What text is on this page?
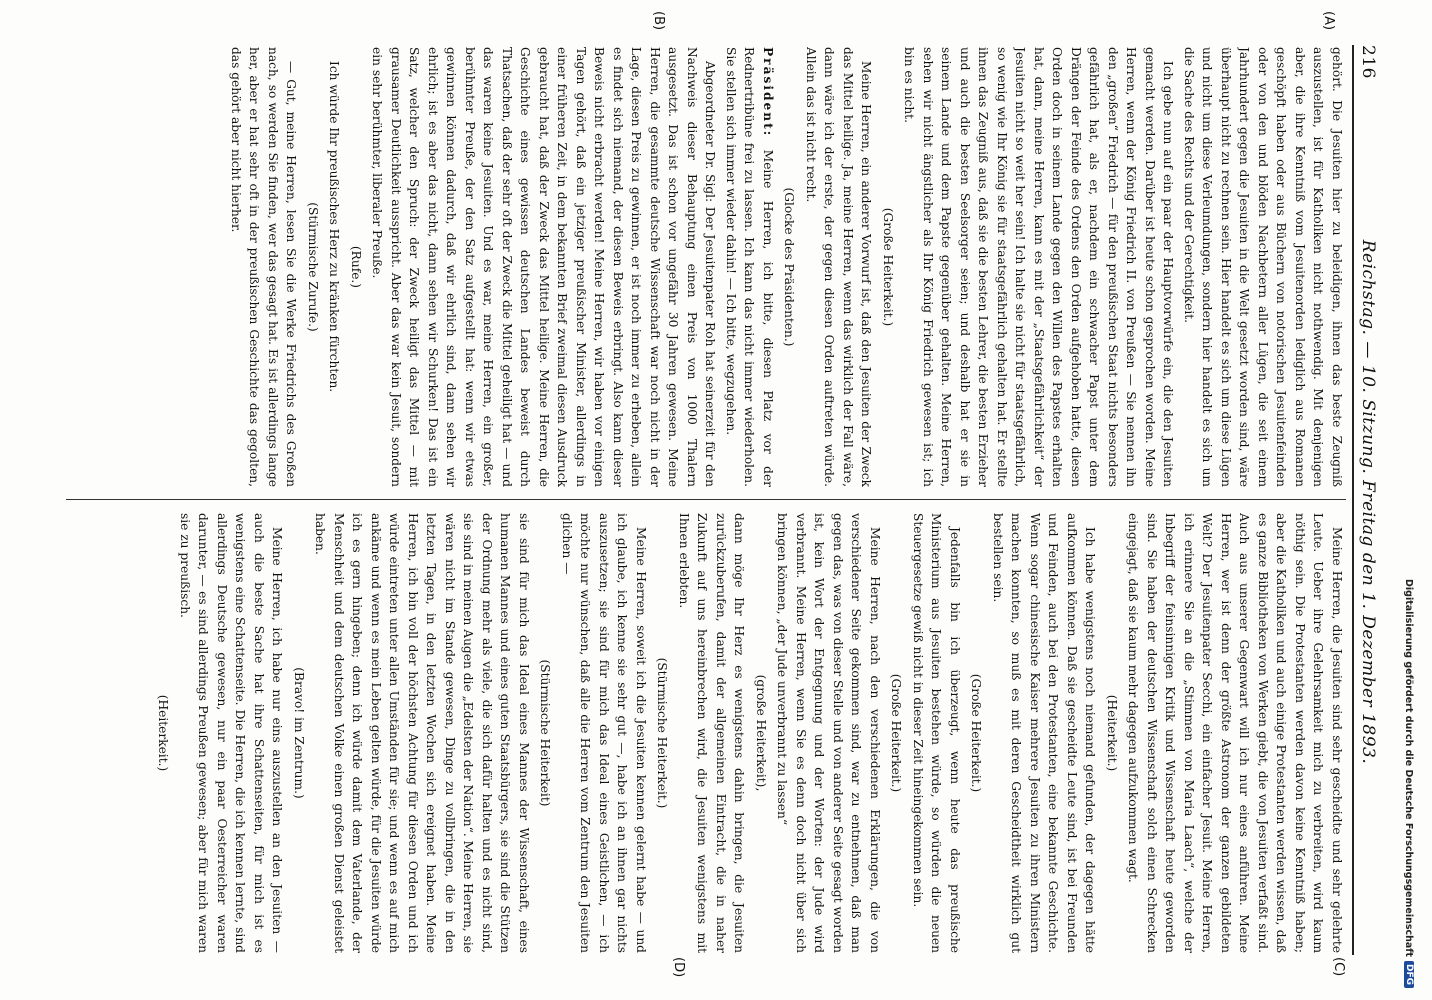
216
Reichstag. — 10. Sitzung. Freitag den 1. Dezember 1893.
(A)
(B)
(C)
(D)

gehört. Die Jesuiten hier zu beleidigen, ihnen das beste Zeugniß auszustellen, ist für Katholiken nicht nothwendig. Mit denjenigen aber, die ihre Kenntniß vom Jesuitenorden lediglich aus Romanen geschöpft haben oder aus Büchern von notorischen Jesuitenfeinden oder von den und blöden Nachbetern aller Lügen, die seit einem Jahrhundert gegen die Jesuiten in die Welt gesetzt worden sind, wäre überhaupt nicht zu rechnen sein. Hier handelt es sich um diese Lügen und nicht um diese Verleumdungen, sondern hier handelt es sich um die Sache des Rechts und der Gerechtigkeit.

Ich gebe nun auf ein paar der Hauptvorwürfe ein, die den Jesuiten gemacht werden. Darüber ist heute schon gesprochen worden. Meine Herren, wenn der König Friedrich II. von Preußen — Sie nennen ihn den „großen“ Friedrich — für den preußischen Staat nichts besonders gefährlich hat, als er, nachdem ein schwacher Papst unter dem Drängen der Feinde des Ordens den Orden aufgehoben hatte, diesen Orden doch in seinem Lande gegen den Willen des Papstes erhalten hat, dann, meine Herren, kann es mit der „Staatsgefährlichkeit“ der Jesuiten nicht so weit her sein! Ich halte sie nicht für staatsgefährlich, so wenig wie Ihr König sie für staatsgefährlich gehalten hat. Er stellte ihnen das Zeugniß aus, daß sie die besten Lehrer, die besten Erzieher und auch die besten Seelsorger seien; und deshalb hat er sie in seinem Lande und dem Papste gegenüber gehalten. Meine Herren, sehen wir nicht ängstlicher als Ihr König Friedrich gewesen ist; ich bin es nicht.

(Große Heiterkeit.)

Meine Herren, ein anderer Vorwurf ist, daß den Jesuiten der Zweck das Mittel heilige. Ja, meine Herren, wenn das wirklich der Fall wäre, dann wäre ich der erste, der gegen diesen Orden auftreten würde. Allein das ist nicht recht.

(Glocke des Präsidenten.)

Präsident: Meine Herren, ich bitte, diesen Platz vor der Rednertribüne frei zu lassen. Ich kann das nicht immer wiederholen. Sie stellen sich immer wieder dahin! — Ich bitte, wegzugehen.

Abgeordneter Dr. Sigl: Der Jesuitenpater Roh hat seinerzeit für den Nachweis dieser Behauptung einen Preis von 1000 Thalern ausgesetzt. Das ist schon vor ungefähr 30 Jahren gewesen. Meine Herren, die gesammte deutsche Wissenschaft war noch nicht in der Lage, diesen Preis zu gewinnen, er ist noch immer zu erheben, allein es findet sich niemand, der diesen Beweis erbringt. Also kann dieser Beweis nicht erbracht werden! Meine Herren, wir haben vor einigen Tagen gehört, daß ein jetziger preußischer Minister, allerdings in einer früheren Zeit, in dem bekannten Brief zweimal diesen Ausdruck gebraucht hat, daß der Zweck das Mittel heilige. Meine Herren, die Geschichte eines gewissen deutschen Landes beweist durch Thatsachen, daß der sehr oft der Zweck die Mittel geheiligt hat — und das waren keine Jesuiten. Und es war, meine Herren, ein großer, berühmter Preuße, der den Satz aufgestellt hat: wenn wir etwas gewinnen können dadurch, daß wir ehrlich sind, dann sehen wir ehrlich; ist es aber das nicht, dann sehen wir Schurken! Das ist ein Satz, welcher den Spruch: der Zweck heiligt das Mittel — mit grausamer Deutlichkeit ausspricht. Aber das war kein Jesuit, sondern ein sehr berühmter, liberaler Preuße.

(Rufe.)

Ich würde Ihr preußisches Herz zu kränken fürchten.

(Stürmische Zurufe.)

— Gut, meine Herren, lesen Sie die Werke Friedrichs des Großen nach, so werden Sie finden, wer das gesagt hat. Es ist allerdings lange her, aber er hat sehr oft in der preußischen Geschichte das gegolten, das gehört aber nicht hierher.

Meine Herren, die Jesuiten sind sehr gescheidte und sehr gelehrte Leute. Ueber ihre Gelehrsamkeit mich zu verbreiten, wird kaum nöthig sein. Die Protestanten werden davon keine Kenntniß haben; aber die Katholiken und auch einige Protestanten werden wissen, daß es ganze Bibliotheken von Werken giebt, die von Jesuiten verfaßt sind. Auch aus unserer Gegenwart will ich nur eines anführen. Meine Herren, wer ist denn der größte Astronom der ganzen gebildeten Welt? Der Jesuitenpater Secchi, ein einfacher Jesuit. Meine Herren, ich erinnere Sie an die „Stimmen von Maria Laach“, welche der Inbegriff der feinsinnigen Kritik und Wissenschaft heute geworden sind. Sie haben der deutschen Wissenschaft solch einen Schrecken eingejagt, daß sie kaum mehr dagegen aufzukommen wagt.

(Heiterkeit.)

Ich habe wenigstens noch niemand gefunden, der dagegen hätte aufkommen können. Daß sie gescheidte Leute sind, ist bei Freunden und Feinden, auch bei den Protestanten, eine bekannte Geschichte. Wenn sogar chinesische Kaiser mehrere Jesuiten zu ihren Ministern machen konnten, so muß es mit deren Gescheidtheit wirklich gut bestellen sein.

(Große Heiterkeit.)

Jedenfalls bin ich überzeugt, wenn heute das preußische Ministerium aus Jesuiten bestehen würde, so würden die neuen Steuergesetze gewiß nicht in dieser Zeit hineingekommen sein.

(Große Heiterkeit.)

Meine Herren, nach den verschiedenen Erklärungen, die von verschiedener Seite gekommen sind, war zu entnehmen, daß man gegen das, was von dieser Stelle und von anderer Seite gesagt worden ist, kein Wort der Entgegnung und der Worten: der Jude wird verbrannt. Meine Herren, wenn Sie es denn doch nicht über sich bringen können, „der Jude unverbrannt zu lassen“

(große Heiterkeit),

dann möge Ihr Herz es wenigstens dahin bringen, die Jesuiten zurückzuberufen, damit der allgemeinen Eintracht, die in naher Zukunft auf uns hereinbrechen wird, die Jesuiten wenigstens mit Ihnen erlebten.

(Stürmische Heiterkeit.)

Meine Herren, soweit ich die Jesuiten kennen gelernt habe — und ich glaube, ich kenne sie sehr gut —, habe ich an ihnen gar nichts auszusetzen; sie sind für mich das Ideal eines Geistlichen, — ich möchte nur wünschen, daß alle die Herren vom Zentrum den Jesuiten glichen —

(Stürmische Heiterkeit)

sie sind für mich das Ideal eines Mannes der Wissenschaft, eines humanen Mannes und eines guten Staatsbürgers, sie sind die Stützen der Ordnung mehr als viele, die sich dafür halten und es nicht sind, sie sind in meinen Augen die „Edelsten der Nation“. Meine Herren, sie wären nicht im Stande gewesen, Dinge zu vollbringen, die in den letzten Tagen, in den letzten Wochen sich ereignet haben. Meine Herren, ich bin voll der höchsten Achtung für diesen Orden und ich würde eintreten unter allen Umständen für sie; und wenn es auf mich ankäme und wenn es mein Leben gelten würde, für die Jesuiten würde ich es gern hingeben; denn ich würde damit dem Vaterlande, der Menschheit und dem deutschen Volke einen großen Dienst geleistet haben.

(Bravo! im Zentrum.)

Meine Herren, ich habe nur eins auszustellen an den Jesuiten — auch die beste Sache hat ihre Schattenseiten, für mich ist es wenigstens eine Schattenseite. Die Herren, die ich kennen lernte, sind allerdings Deutsche gewesen, nur ein paar Oesterreicher waren darunter, — es sind allerdings Preußen gewesen; aber für mich waren sie zu preußisch.

(Heiterkeit.)	Digitalisierung gefördert durch die Deutsche Forschungsgemeinschaft
DFG
